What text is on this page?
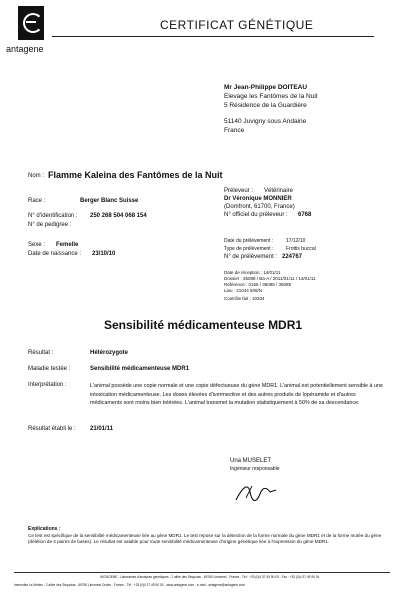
antagene
CERTIFICAT GÉNÉTIQUE
Mr Jean-Philippe DOITEAU
Elevage les Fantômes de la Nuit
5 Résidence de la Guardière
51140 Juvigny sous Andaine
France
Nom : Flamme Kaleina des Fantômes de la Nuit
Préleveur : Vétérinaire
Dr Véronique MONNIER
(Domfront, 61700, France)
N° officiel du préleveur : 6768
Race :	Berger Blanc Suisse
N° d'identification : 250 268 504 068 154
N° de pedigree :
Date du prélèvement :	17/12/10
Type de prélèvement :	Frottis buccal
N° de prélèvement : 224767
Sexe : Femelle
Date de naissance : 23/10/10
Date de réception : 14/01/11
Dossier : 35088 / Ba-A / 2011/01/11 / 14/01/11
Référence : 0156 / 35088 / 35088
Lieu : 21044 505/N
Contrôle fait : 10334
Sensibilité médicamenteuse MDR1
Résultat :	Hétérozygote
Maladie testée :	Sensibilité médicamenteuse MDR1
Interprétation :	L'animal possède une copie normale et une copie défectueuse du gène MDR1. L'animal est potentiellement sensible à une intoxication médicamenteuse. Les doses élevées d'ivermectine et des autres produits de lopéramide et d'autres médicaments sont moins bien tolérées. L'animal transmet la mutation statistiquement à 50% de sa descendance.
Résultat établi le : 21/01/11
Una MUSELET
Ingénieur responsable
Explications :
Ce test est spécifique de la sensibilité médicamenteuse liée au gène MDR1. Le test repose sur la détection de la forme normale du gène MDR1 et de la forme mutée du gène (délétion de 4 paires de bases). Le résultat est valable pour toute sensibilité médicamenteuse d'origine génétique liée à l'expression du gène MDR1.
ANTAGENE - Laboratoire d'analyses génétiques - 2 allée des Séquoias - 69760 Limonest - France - Tél : +33 (0)4 37 49 90 03 - Fax : +33 (0)4 37 49 90 04
Immeuble La Mérieu - 2 allée des Séquoias - 69760 Limonest Cedex - France - Tél : +33 (0)4 37 49 90 03 - www.antagene.com - e-mail : antagene@antagene.com
